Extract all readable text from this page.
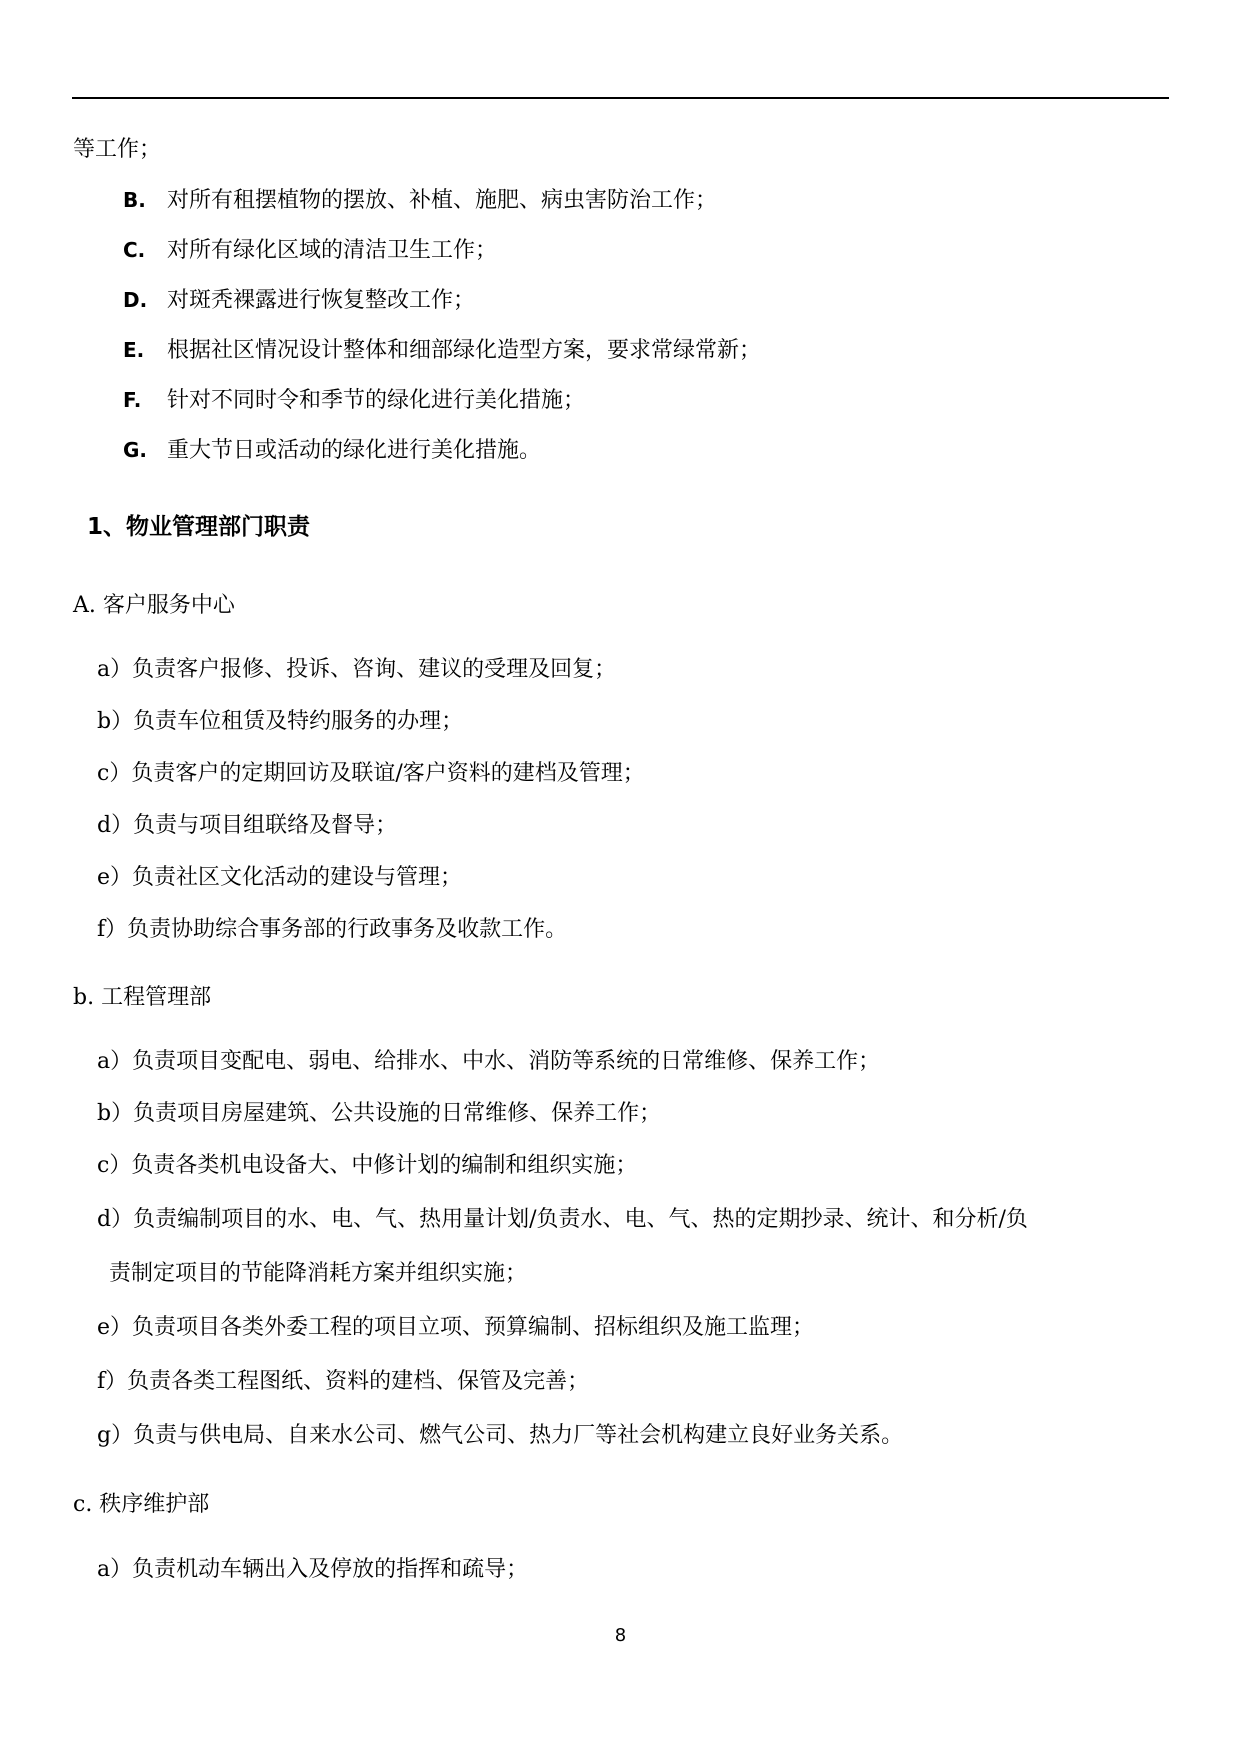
等工作；
B. 对所有租摆植物的摆放、补植、施肥、病虫害防治工作；
C. 对所有绿化区域的清洁卫生工作；
D. 对斑秃裸露进行恢复整改工作；
E. 根据社区情况设计整体和细部绿化造型方案，要求常绿常新；
F. 针对不同时令和季节的绿化进行美化措施；
G. 重大节日或活动的绿化进行美化措施。
1、物业管理部门职责
A. 客户服务中心
a）负责客户报修、投诉、咨询、建议的受理及回复；
b）负责车位租赁及特约服务的办理；
c）负责客户的定期回访及联谊/客户资料的建档及管理；
d）负责与项目组联络及督导；
e）负责社区文化活动的建设与管理；
f）负责协助综合事务部的行政事务及收款工作。
b. 工程管理部
a）负责项目变配电、弱电、给排水、中水、消防等系统的日常维修、保养工作；
b）负责项目房屋建筑、公共设施的日常维修、保养工作；
c）负责各类机电设备大、中修计划的编制和组织实施；
d）负责编制项目的水、电、气、热用量计划/负责水、电、气、热的定期抄录、统计、和分析/负
责制定项目的节能降消耗方案并组织实施；
e）负责项目各类外委工程的项目立项、预算编制、招标组织及施工监理；
f）负责各类工程图纸、资料的建档、保管及完善；
g）负责与供电局、自来水公司、燃气公司、热力厂等社会机构建立良好业务关系。
c. 秩序维护部
a）负责机动车辆出入及停放的指挥和疏导；
8
